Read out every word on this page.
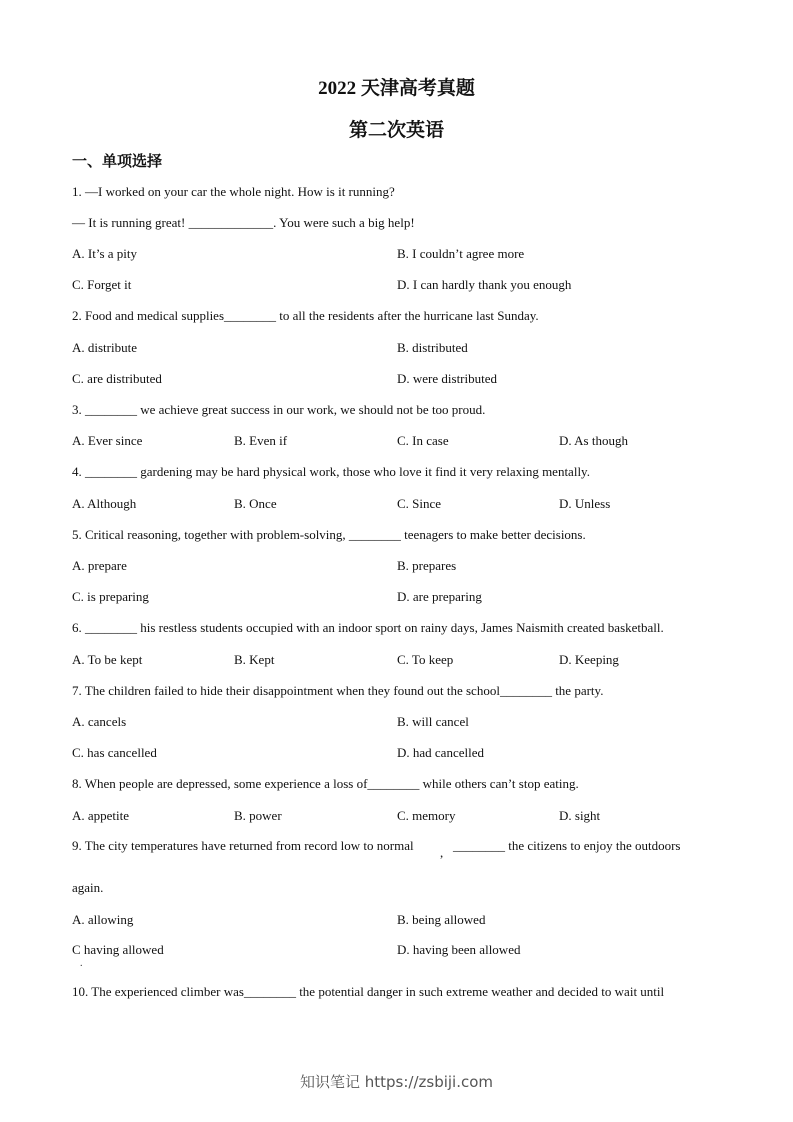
2022 天津高考真题
第二次英语
一、单项选择
1. —I worked on your car the whole night. How is it running?
— It is running great! _____________. You were such a big help!
A. It’s a pity	B. I couldn’t agree more
C. Forget it	D. I can hardly thank you enough
2. Food and medical supplies________ to all the residents after the hurricane last Sunday.
A. distribute	B. distributed
C. are distributed	D. were distributed
3. ________ we achieve great success in our work, we should not be too proud.
A. Ever since	B. Even if	C. In case	D. As though
4. ________ gardening may be hard physical work, those who love it find it very relaxing mentally.
A. Although	B. Once	C. Since	D. Unless
5. Critical reasoning, together with problem-solving, ________ teenagers to make better decisions.
A. prepare	B. prepares
C. is preparing	D. are preparing
6. ________ his restless students occupied with an indoor sport on rainy days, James Naismith created basketball.
A. To be kept	B. Kept	C. To keep	D. Keeping
7. The children failed to hide their disappointment when they found out the school________ the party.
A. cancels	B. will cancel
C. has cancelled	D. had cancelled
8. When people are depressed, some experience a loss of________ while others can’t stop eating.
A. appetite	B. power	C. memory	D. sight
9. The city temperatures have returned from record low to normal , ________ the citizens to enjoy the outdoors
again.
A. allowing	B. being allowed
C having allowed	D. having been allowed
.
10. The experienced climber was________ the potential danger in such extreme weather and decided to wait until
知识笔记 https://zsbiji.com
